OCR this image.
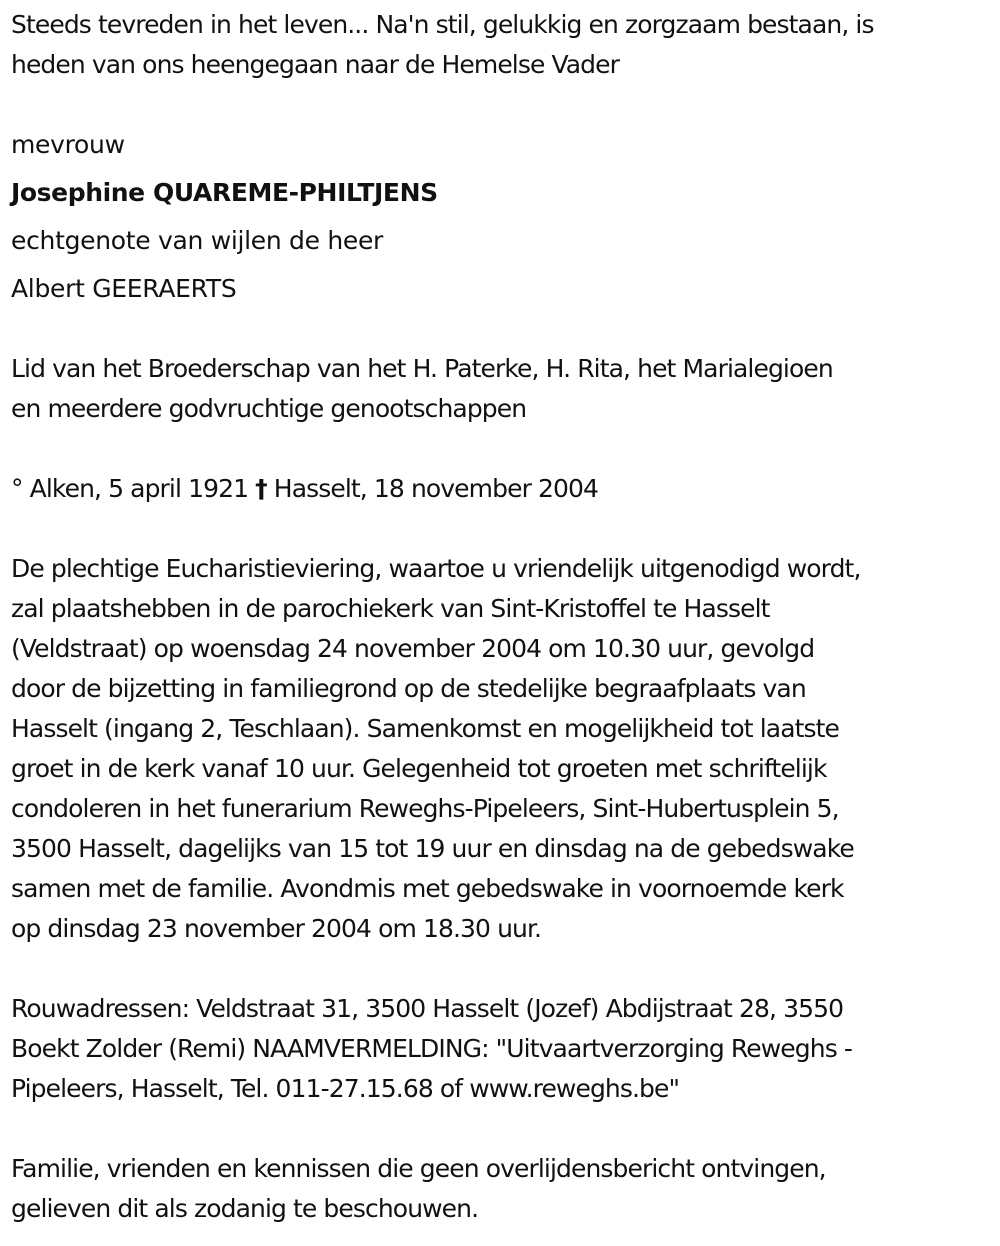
Steeds tevreden in het leven... Na'n stil, gelukkig en zorgzaam bestaan, is
heden van ons heengegaan naar de Hemelse Vader
mevrouw
Josephine QUAREME-PHILTJENS
echtgenote van wijlen de heer
Albert GEERAERTS
Lid van het Broederschap van het H. Paterke, H. Rita, het Marialegioen
en meerdere godvruchtige genootschappen
° Alken, 5 april 1921 † Hasselt, 18 november 2004
De plechtige Eucharistieviering, waartoe u vriendelijk uitgenodigd wordt,
zal plaatshebben in de parochiekerk van Sint-Kristoffel te Hasselt
(Veldstraat) op woensdag 24 november 2004 om 10.30 uur, gevolgd
door de bijzetting in familiegrond op de stedelijke begraafplaats van
Hasselt (ingang 2, Teschlaan). Samenkomst en mogelijkheid tot laatste
groet in de kerk vanaf 10 uur. Gelegenheid tot groeten met schriftelijk
condoleren in het funerarium Reweghs-Pipeleers, Sint-Hubertusplein 5,
3500 Hasselt, dagelijks van 15 tot 19 uur en dinsdag na de gebedswake
samen met de familie. Avondmis met gebedswake in voornoemde kerk
op dinsdag 23 november 2004 om 18.30 uur.
Rouwadressen: Veldstraat 31, 3500 Hasselt (Jozef) Abdijstraat 28, 3550
Boekt Zolder (Remi) NAAMVERMELDING: "Uitvaartverzorging Reweghs -
Pipeleers, Hasselt, Tel. 011-27.15.68 of www.reweghs.be"
Familie, vrienden en kennissen die geen overlijdensbericht ontvingen,
gelieven dit als zodanig te beschouwen.
